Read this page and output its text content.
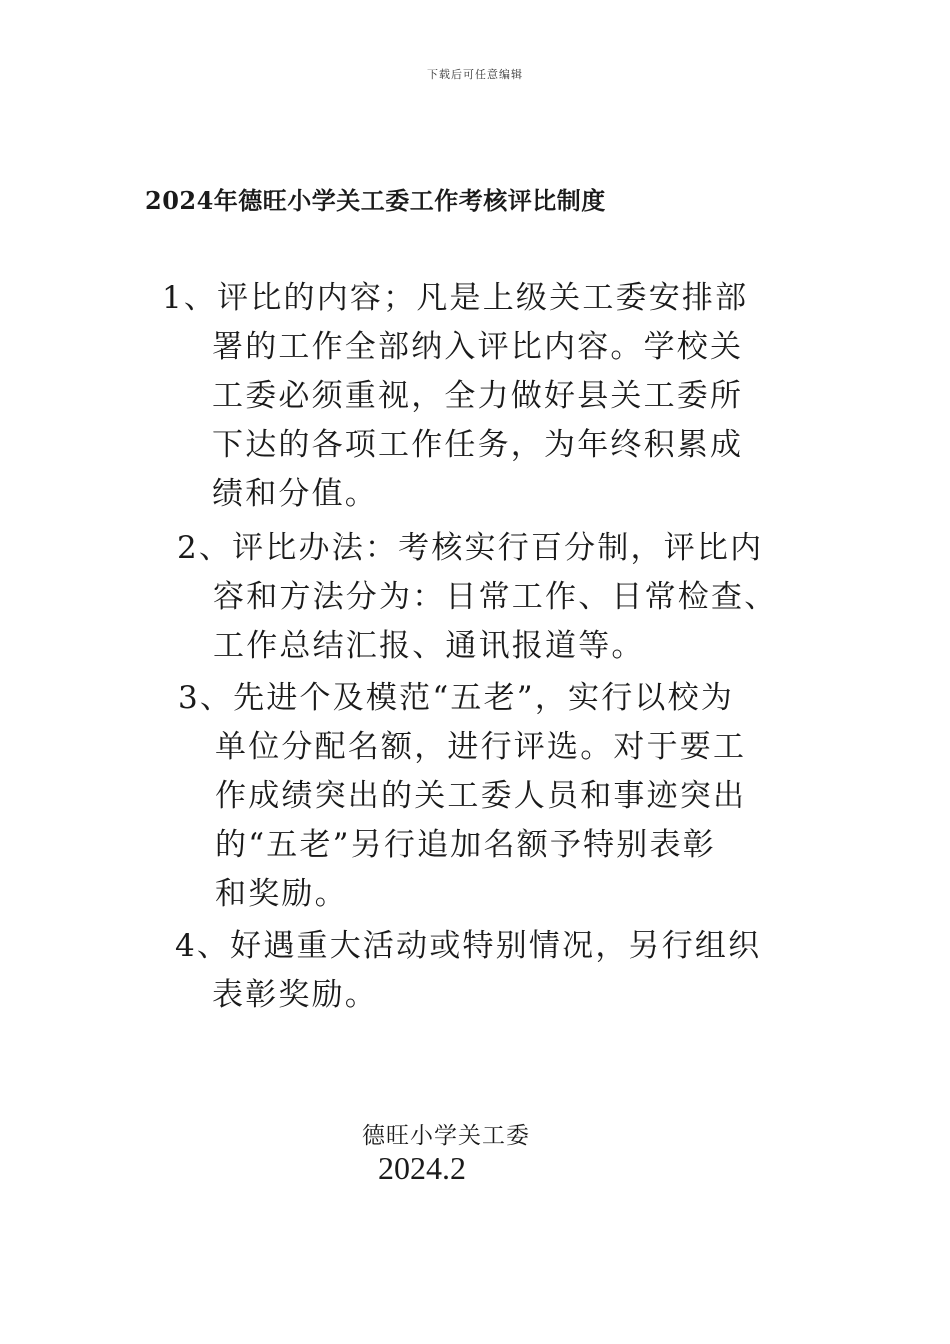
下载后可任意编辑
2024年德旺小学关工委工作考核评比制度
1、评比的内容；凡是上级关工委安排部
署的工作全部纳入评比内容。学校关
工委必须重视，全力做好县关工委所
下达的各项工作任务，为年终积累成
绩和分值。
2、评比办法：考核实行百分制，评比内
容和方法分为：日常工作、日常检查、
工作总结汇报、通讯报道等。
3、先进个及模范“五老”，实行以校为
单位分配名额，进行评选。对于要工
作成绩突出的关工委人员和事迹突出
的“五老”另行追加名额予特别表彰
和奖励。
4、好遇重大活动或特别情况，另行组织
表彰奖励。
德旺小学关工委
2024.2
